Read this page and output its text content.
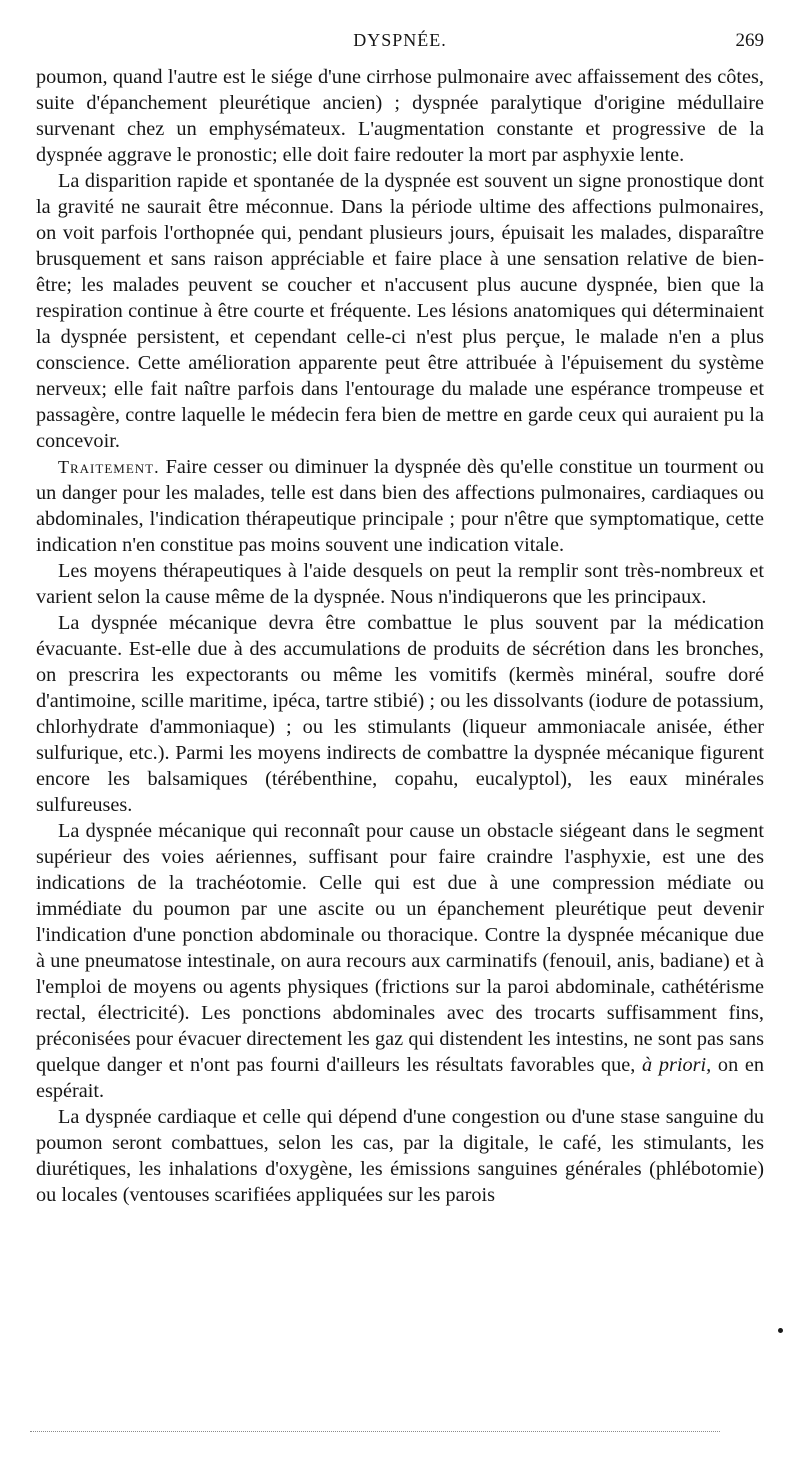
DYSPNÉE.	269

poumon, quand l'autre est le siége d'une cirrhose pulmonaire avec affaissement des côtes, suite d'épanchement pleurétique ancien) ; dyspnée paralytique d'origine médullaire survenant chez un emphysémateux. L'augmentation constante et progressive de la dyspnée aggrave le pronostic; elle doit faire redouter la mort par asphyxie lente.

La disparition rapide et spontanée de la dyspnée est souvent un signe pronostique dont la gravité ne saurait être méconnue. Dans la période ultime des affections pulmonaires, on voit parfois l'orthopnée qui, pendant plusieurs jours, épuisait les malades, disparaître brusquement et sans raison appréciable et faire place à une sensation relative de bien-être; les malades peuvent se coucher et n'accusent plus aucune dyspnée, bien que la respiration continue à être courte et fréquente. Les lésions anatomiques qui déterminaient la dyspnée persistent, et cependant celle-ci n'est plus perçue, le malade n'en a plus conscience. Cette amélioration apparente peut être attribuée à l'épuisement du système nerveux; elle fait naître parfois dans l'entourage du malade une espérance trompeuse et passagère, contre laquelle le médecin fera bien de mettre en garde ceux qui auraient pu la concevoir.

Traitement. Faire cesser ou diminuer la dyspnée dès qu'elle constitue un tourment ou un danger pour les malades, telle est dans bien des affections pulmonaires, cardiaques ou abdominales, l'indication thérapeutique principale ; pour n'être que symptomatique, cette indication n'en constitue pas moins souvent une indication vitale.

Les moyens thérapeutiques à l'aide desquels on peut la remplir sont très-nombreux et varient selon la cause même de la dyspnée. Nous n'indiquerons que les principaux.

La dyspnée mécanique devra être combattue le plus souvent par la médication évacuante. Est-elle due à des accumulations de produits de sécrétion dans les bronches, on prescrira les expectorants ou même les vomitifs (kermès minéral, soufre doré d'antimoine, scille maritime, ipéca, tartre stibié) ; ou les dissolvants (iodure de potassium, chlorhydrate d'ammoniaque) ; ou les stimulants (liqueur ammoniacale anisée, éther sulfurique, etc.). Parmi les moyens indirects de combattre la dyspnée mécanique figurent encore les balsamiques (térébenthine, copahu, eucalyptol), les eaux minérales sulfureuses.

La dyspnée mécanique qui reconnaît pour cause un obstacle siégeant dans le segment supérieur des voies aériennes, suffisant pour faire craindre l'asphyxie, est une des indications de la trachéotomie. Celle qui est due à une compression médiate ou immédiate du poumon par une ascite ou un épanchement pleurétique peut devenir l'indication d'une ponction abdominale ou thoracique. Contre la dyspnée mécanique due à une pneumatose intestinale, on aura recours aux carminatifs (fenouil, anis, badiane) et à l'emploi de moyens ou agents physiques (frictions sur la paroi abdominale, cathétérisme rectal, électricité). Les ponctions abdominales avec des trocarts suffisamment fins, préconisées pour évacuer directement les gaz qui distendent les intestins, ne sont pas sans quelque danger et n'ont pas fourni d'ailleurs les résultats favorables que, à priori, on en espérait.

La dyspnée cardiaque et celle qui dépend d'une congestion ou d'une stase sanguine du poumon seront combattues, selon les cas, par la digitale, le café, les stimulants, les diurétiques, les inhalations d'oxygène, les émissions sanguines générales (phlébotomie) ou locales (ventouses scarifiées appliquées sur les parois
